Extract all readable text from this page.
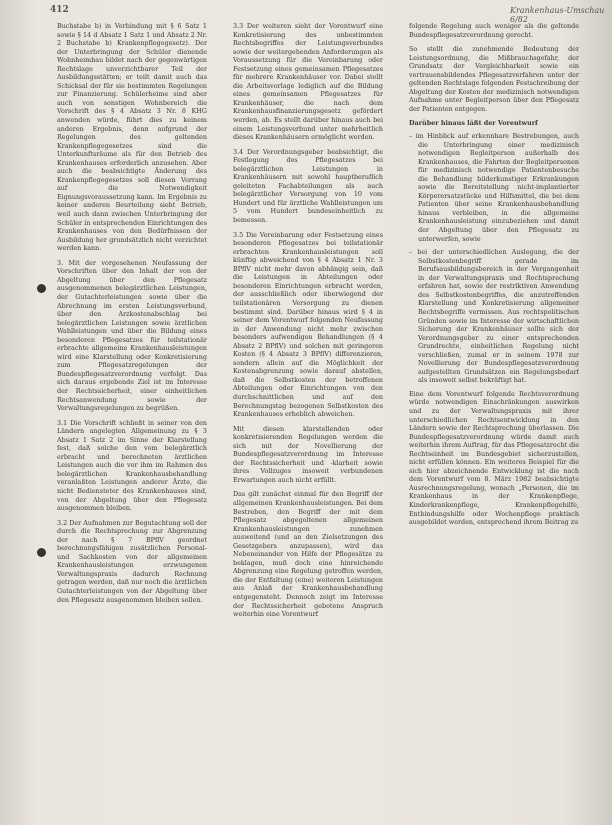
412	Krankenhaus-Umschau 6/82

Buchstabe b) in Verbindung mit § 6 Satz 1 sowie § 14 d Absatz 1 Satz 1 und Absatz 2 Nr. 2 Buchstabe b) Krankenpflegegesetz). Der der Unterbringung der Schüler dienende Wohnheimbau bildet nach der gegenwärtigen Rechtslage unverzichtbarer Teil der Ausbildungsstätten; er teilt damit auch das Schicksal der für sie bestimmten Regelungen zur Finanzierung. Schülerheime sind aber auch von sonstigen Wohnbereich die Vorschrift des § 4 Absatz 3 Nr. 8 KHG anwenden würde, führt dies zu keinem anderen Ergebnis, denn aufgrund der Regelungen des geltenden Krankenpflegegesetzes sind die Unterkunftsräume als für den Betrieb des Krankenhauses erforderlich anzusehen. Aber auch die beabsichtigte Änderung des Krankenpflegegesetzes soll diesen Vorrang auf die Notwendigkeit Eignungsvoraussetzung kann. Im Ergebnis zu keiner anderen Beurteilung sieht Betrieb, weil auch dann zwischen Unterbringung der Schüler in entsprechenden Einrichtungen des Krankenhauses von den Bedürfnissen der Ausbildung her grundsätzlich nicht verzichtet werden kann.

3. Mit der vorgesehenen Neufassung der Vorschriften über den Inhalt der von der Abgeltung über den Pflegesatz ausgenommenen belegärztlichen Leistungen, der Gutachterleistungen sowie über die Abrechnung im ersten Leistungsverbund, über den Arzkostenabschlag bei belegärztlichen Leistungen sowie ärztlichen Wahlleistungen und über die Bildung eines besonderen Pflegesatzes für teilstationär erbrachte allgemeine Krankenhausleistungen wird eine Klarstellung oder Konkretisierung zum Pflegesatzregelungen der Bundespflegesatzverordnung verfolgt. Das sich daraus ergebende Ziel ist im Interesse der Rechtssicherheit, einer einheitlichen Rechtsanwendung sowie der Verwaltungsregelungen zu begrüßen.

3.1 Die Vorschrift schließt in seiner von den Ländern angelegten Allgemeinung zu § 3 Absatz 1 Satz 2 im Sinne der Klarstellung fest, daß solche den vom belegärztlich erbracht und berechneten ärztlichen Leistungen auch die vor ihm im Rahmen des belegärztlichen Krankenhausbehandlung veranlaßten Leistungen anderer Ärzte, die nicht Bediensteter des Krankenhauses sind, von der Abgeltung über den Pflegesatz ausgenommen bleiben.

3.2 Der Aufnahmen zur Begutachtung soll der durch die Rechtsprechung zur Abgrenzung der nach § 7 BPflV geordnet berechnungsfähigen zusätzlichen Personal- und Sachkosten von der allgemeinen Krankenhausleistungen erzwungenen Verwaltungspraxis dadurch Rechnung getragen werden, daß nur noch die ärztlichen Gutachterleistungen von der Abgeltung über den Pflegesatz ausgenommen bleiben sollen.

3.3 Der weiteren sieht der Vorentwurf eine Konkretisierung des unbestimmten Rechtsbegriffes der Leistungsverbundes sowie der weitergehenden Anforderungen als Voraussetzung für die Vereinbarung oder Festsetzung eines gemeinsamen Pflegesatzes für mehrere Krankenhäuser vor. Dabei stellt die Arbeitsvorlage lediglich auf die Bildung eines gemeinsamen Pflegesatzes für Krankenhäuser, die nach dem Krankenhausfinanzierungsgesetz gefördert werden, ab. Es stellt darüber hinaus auch bei einem Leistungsverbund unter mehrheitlich dieses Krankenhäusern ermöglicht werden.

3.4 Der Verordnungsgeber beabsichtigt, die Festlegung des Pflegesatzes bei belegärztlichen Leistungen in Krankenhäusern mit sowohl hauptberuflich geleiteten Fachabteilungen als auch belegärztlicher Versorgung von 10 vom Hundert und für ärztliche Wahlleistungen um 5 vom Hundert bundeseinheitlich zu bemessen.

3.5 Die Vereinbarung oder Festsetzung eines besonderen Pflegesatzes bei teilstationär erbrachten Krankenhausleistungen soll künftig abweichend von § 4 Absatz 1 Nr. 3 BPflV nicht mehr davon abhängig sein, daß die Leistungen in Abteilungen oder besonderen Einrichtungen erbracht werden, der ausschließlich oder überwiegend der teilstationären Versorgung zu dienen bestimmt sind. Darüber hinaus wird § 4 in seiner dem Vorentwurf folgenden Neufassung in der Anwendung nicht mehr zwischen besonders aufwendigen Behandlungen (§ 4 Absatz 2 BPflV) und solchen mit geringeren Kosten (§ 4 Absatz 3 BPflV) differenzieren, sondern allein auf die Möglichkeit der Kostenabgrenzung sowie darauf abstellen, daß die Selbstkosten der betroffenen Abteilungen oder Einrichtungen von den durchschnittlichen und auf den Berechnungstag bezogenen Selbstkosten des Krankenhauses erheblich abweichen.

Mit diesen klarstellenden oder konkretisierenden Regelungen werden die sich mit der Novellierung der Bundespflegesatzverordnung im Interesse der Rechtssicherheit und -klarheit sowie ihres Vollzuges insoweit verbundenen Erwartungen auch nicht erfüllt.

Das gilt zunächst einmal für den Begriff der allgemeinen Krankenhausleistungen. Bei dem Bestreben, den Begriff der mit dem Pflegesatz abgegoltenen allgemeinen Krankenhausleistungen zunehmen ausweitend (und an den Zielsetzungen des Gesetzgebers anzupassen), wird das Nebeneinander von Hilfe der Pflegesätze zu beklagen, muß doch eine hinreichende Abgrenzung eine Regelung getroffen werden, die der Entfaltung (eine) weiteren Leistungen aus Anlaß der Krankenhausbehandlung entgegensteht. Dennoch zeigt im Interesse der Rechtssicherheit gebotene Anspruch weiterhin eine Vorentwurf

folgende Regelung auch weniger als die geltende Bundespflegesatzverordnung gerecht.

So stellt die zunehmende Bedeutung der Leistungsordnung, die Mißbrauchsgefahr, der Grundsatz der Vergleichbarkeit sowie ein vertrauensbildendes Pflegesatzverfahren unter der geltenden Rechtslage folgenden Festschreibung der Abgeltung der Kosten der medizinisch notwendigen Aufnahme unter Begleitperson über den Pflegesatz der Patienten entgegen.

Darüber hinaus läßt der Vorentwurf

– im Hinblick auf erkennbare Bestrebungen, auch die Unterbringung einer medizinisch notwendigen Begleitperson außerhalb des Krankenhauses, die Fahrten der Begleitpersonen für medizinisch notwendige Patientenbesuche die Behandlung bilderkunstiger Erkrankungen sowie die Bereitstellung nicht-implantierter Körperersatzstücke und Hilfsmittel, die bei dem Patienten über seine Krankenhausbehandlung hinaus verbleiben, in die allgemeine Krankenhausleistung einzubeziehen und damit der Abgeltung über den Pflegesatz zu unterwerfen, sowie

– bei der unterschiedlichen Auslegung, die der Selbstkostenbegriff gerade im Berufsausbildungsbereich in der Vergangenheit in der Verwaltungspraxis und Rechtsprechung erfahren hat, sowie der restriktiven Anwendung des Selbstkostenbegriffes, die anzutreffenden Klarstellung und Konkretisierung allgemeiner Rechtsbegriffe vermissen. Aus rechtspolitischen Gründen sowie im Interesse der wirtschaftlichen Sicherung der Krankenhäuser sollte sich der Verordnungsgeber zu einer entsprechenden Grundrechte, einheitlichen Regelung nicht verschließen, zumal er in seinem 1978 zur Novellierung der Bundespflegesatzverordnung aufgestellten Grundsätzen ein Regelungsbedarf als insoweit selbst bekräftigt hat.

Eine dem Vorentwurf folgende Rechtsverordnung würde notwendigen Einschränkungen auswirken und zu der Verwaltungspraxis mit ihrer unterschiedlichen Rechtsentwicklung in den Ländern sowie der Rechtsprechung überlassen. Die Bundespflegesatzverordnung würde damit auch weiterhin ihrem Auftrag, für das Pflegesatzrecht die Rechtseinheit im Bundesgebiet sicherzustellen, nicht erfüllen können. Ein weiteres Beispiel für die sich hier abzeichnende Entwicklung ist die nach dem Vorentwurf vom 8. März 1982 beabsichtigte Ausrechnungsregelung, wonach „Personen, die im Krankenhaus in der Krankenpflege, Kinderkrankenpflege, Krankenpflegehilfe, Entbindungshilfe oder Wochenpflege praktisch ausgebildet werden, entsprechend ihrem Beitrag zu
